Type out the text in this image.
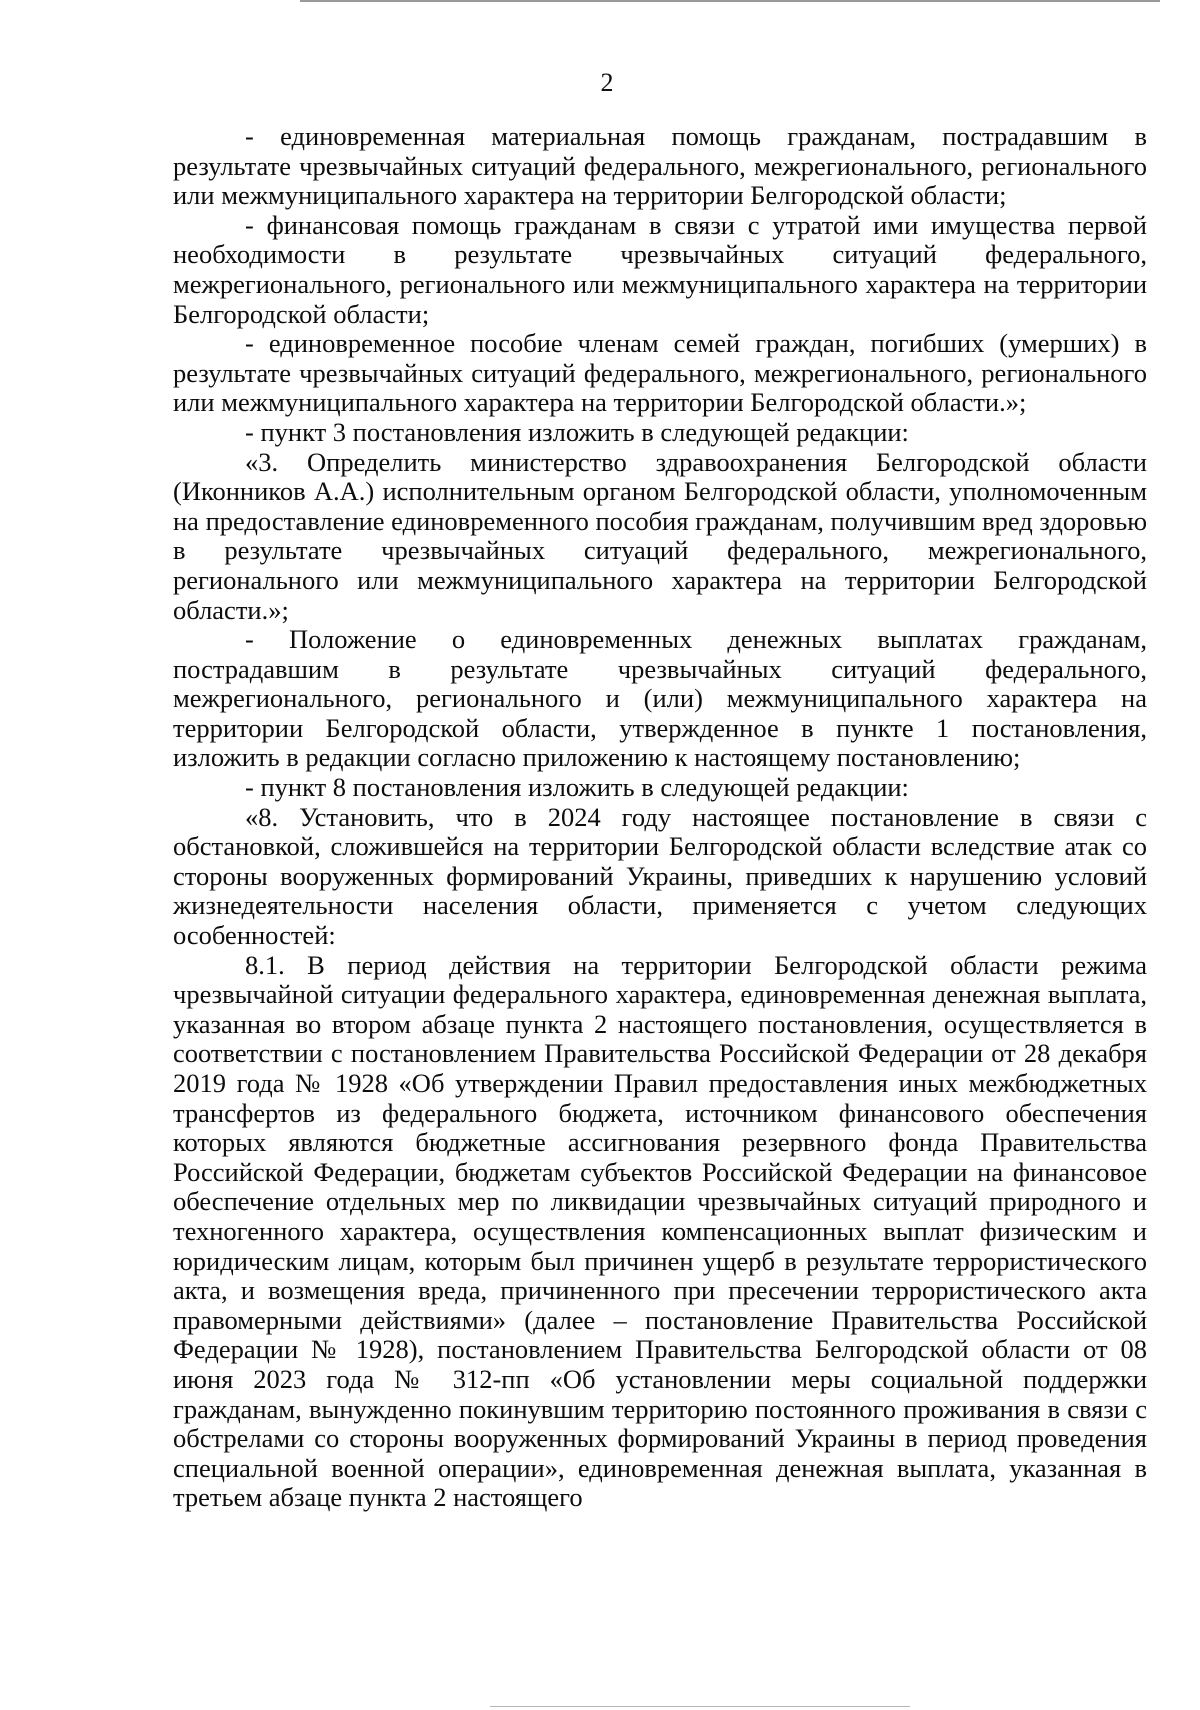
2

- единовременная материальная помощь гражданам, пострадавшим в результате чрезвычайных ситуаций федерального, межрегионального, регионального или межмуниципального характера на территории Белгородской области;

- финансовая помощь гражданам в связи с утратой ими имущества первой необходимости в результате чрезвычайных ситуаций федерального, межрегионального, регионального или межмуниципального характера на территории Белгородской области;

- единовременное пособие членам семей граждан, погибших (умерших) в результате чрезвычайных ситуаций федерального, межрегионального, регионального или межмуниципального характера на территории Белгородской области.»;

- пункт 3 постановления изложить в следующей редакции:

«3. Определить министерство здравоохранения Белгородской области (Иконников А.А.) исполнительным органом Белгородской области, уполномоченным на предоставление единовременного пособия гражданам, получившим вред здоровью в результате чрезвычайных ситуаций федерального, межрегионального, регионального или межмуниципального характера на территории Белгородской области.»;

- Положение о единовременных денежных выплатах гражданам, пострадавшим в результате чрезвычайных ситуаций федерального, межрегионального, регионального и (или) межмуниципального характера на территории Белгородской области, утвержденное в пункте 1 постановления, изложить в редакции согласно приложению к настоящему постановлению;

- пункт 8 постановления изложить в следующей редакции:

«8. Установить, что в 2024 году настоящее постановление в связи с обстановкой, сложившейся на территории Белгородской области вследствие атак со стороны вооруженных формирований Украины, приведших к нарушению условий жизнедеятельности населения области, применяется с учетом следующих особенностей:

8.1. В период действия на территории Белгородской области режима чрезвычайной ситуации федерального характера, единовременная денежная выплата, указанная во втором абзаце пункта 2 настоящего постановления, осуществляется в соответствии с постановлением Правительства Российской Федерации от 28 декабря 2019 года № 1928 «Об утверждении Правил предоставления иных межбюджетных трансфертов из федерального бюджета, источником финансового обеспечения которых являются бюджетные ассигнования резервного фонда Правительства Российской Федерации, бюджетам субъектов Российской Федерации на финансовое обеспечение отдельных мер по ликвидации чрезвычайных ситуаций природного и техногенного характера, осуществления компенсационных выплат физическим и юридическим лицам, которым был причинен ущерб в результате террористического акта, и возмещения вреда, причиненного при пресечении террористического акта правомерными действиями» (далее – постановление Правительства Российской Федерации № 1928), постановлением Правительства Белгородской области от 08 июня 2023 года № 312-пп «Об установлении меры социальной поддержки гражданам, вынужденно покинувшим территорию постоянного проживания в связи с обстрелами со стороны вооруженных формирований Украины в период проведения специальной военной операции», единовременная денежная выплата, указанная в третьем абзаце пункта 2 настоящего
